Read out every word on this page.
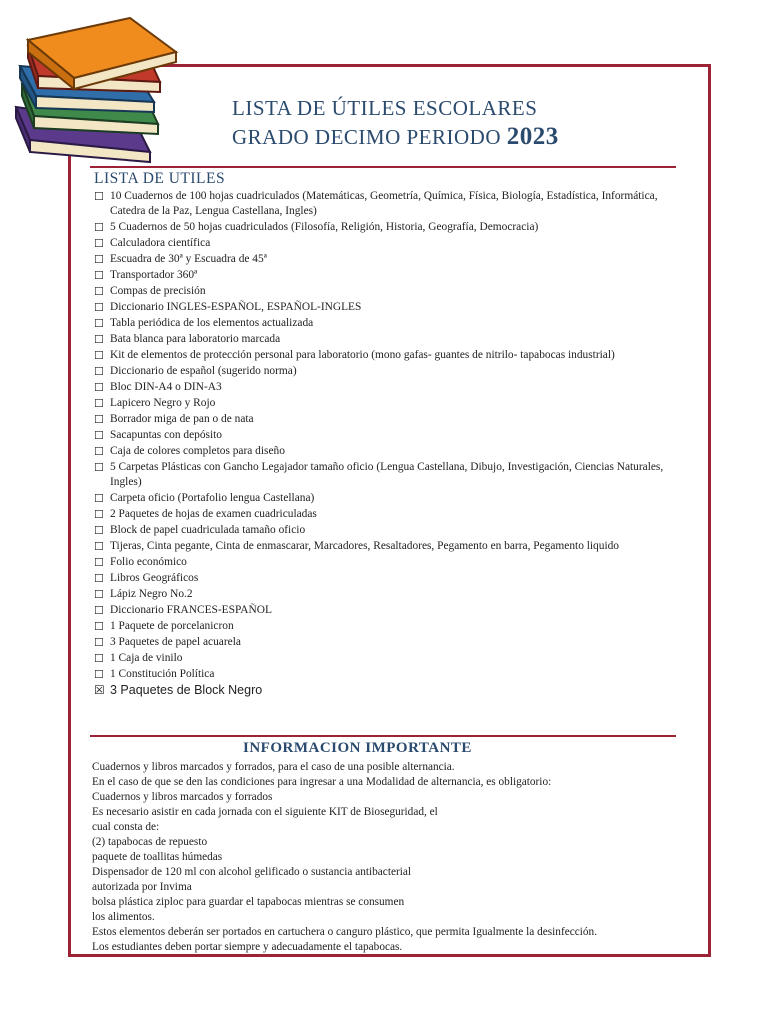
LISTA DE ÚTILES ESCOLARES
GRADO DECIMO PERIODO 2023
LISTA DE UTILES
☐ 10 Cuadernos de 100 hojas cuadriculados (Matemáticas, Geometría, Química, Física, Biología, Estadística, Informática, Catedra de la Paz, Lengua Castellana, Ingles)
☐ 5 Cuadernos de 50 hojas cuadriculados (Filosofía, Religión, Historia, Geografía, Democracia)
☐ Calculadora científica
☐ Escuadra de 30ª y Escuadra de 45ª
☐ Transportador 360ª
☐ Compas de precisión
☐ Diccionario INGLES-ESPAÑOL, ESPAÑOL-INGLES
☐ Tabla periódica de los elementos actualizada
☐ Bata blanca para laboratorio marcada
☐ Kit de elementos de protección personal para laboratorio (mono gafas- guantes de nitrilo- tapabocas industrial)
☐ Diccionario de español (sugerido norma)
☐ Bloc DIN-A4 o DIN-A3
☐ Lapicero Negro y Rojo
☐ Borrador miga de pan o de nata
☐ Sacapuntas con depósito
☐ Caja de colores completos para diseño
☐ 5 Carpetas Plásticas con Gancho Legajador tamaño oficio (Lengua Castellana, Dibujo, Investigación, Ciencias Naturales, Ingles)
☐ Carpeta oficio (Portafolio lengua Castellana)
☐ 2 Paquetes de hojas de examen cuadriculadas
☐ Block de papel cuadriculada tamaño oficio
☐ Tijeras, Cinta pegante, Cinta de enmascarar, Marcadores, Resaltadores, Pegamento en barra, Pegamento liquido
☐ Folio económico
☐ Libros Geográficos
☐ Lápiz Negro No.2
☐ Diccionario FRANCES-ESPAÑOL
☐ 1 Paquete de porcelanicron
☐ 3 Paquetes de papel acuarela
☐ 1 Caja de vinilo
☐ 1 Constitución Política
☒ 3 Paquetes de Block Negro
INFORMACION IMPORTANTE

Cuadernos y libros marcados y forrados, para el caso de una posible alternancia.

En el caso de que se den las condiciones para ingresar a una Modalidad de alternancia, es obligatorio:

Cuadernos y libros marcados y forrados

Es necesario asistir en cada jornada con el siguiente KIT de Bioseguridad, el

cual consta de:

(2) tapabocas de repuesto

paquete de toallitas húmedas

Dispensador de 120 ml con alcohol gelificado o sustancia antibacterial

autorizada por Invima

bolsa plástica ziploc para guardar el tapabocas mientras se consumen

los alimentos.

Estos elementos deberán ser portados en cartuchera o canguro plástico, que permita Igualmente la desinfección.

Los estudiantes deben portar siempre y adecuadamente el tapabocas.
